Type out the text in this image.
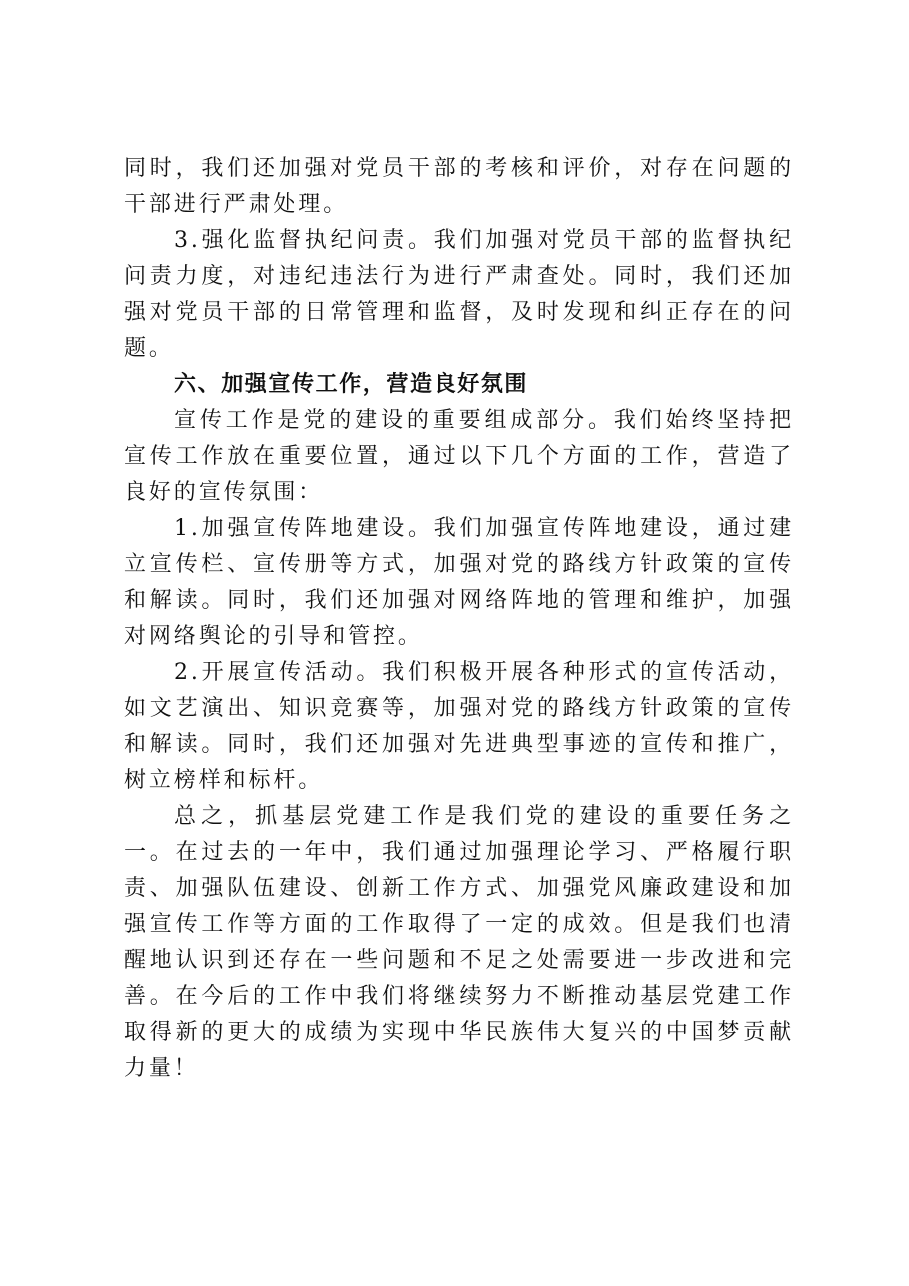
同时，我们还加强对党员干部的考核和评价，对存在问题的干部进行严肃处理。

3.强化监督执纪问责。我们加强对党员干部的监督执纪问责力度，对违纪违法行为进行严肃查处。同时，我们还加强对党员干部的日常管理和监督，及时发现和纠正存在的问题。

六、加强宣传工作，营造良好氛围

宣传工作是党的建设的重要组成部分。我们始终坚持把宣传工作放在重要位置，通过以下几个方面的工作，营造了良好的宣传氛围：

1.加强宣传阵地建设。我们加强宣传阵地建设，通过建立宣传栏、宣传册等方式，加强对党的路线方针政策的宣传和解读。同时，我们还加强对网络阵地的管理和维护，加强对网络舆论的引导和管控。

2.开展宣传活动。我们积极开展各种形式的宣传活动，如文艺演出、知识竞赛等，加强对党的路线方针政策的宣传和解读。同时，我们还加强对先进典型事迹的宣传和推广，树立榜样和标杆。

总之，抓基层党建工作是我们党的建设的重要任务之一。在过去的一年中，我们通过加强理论学习、严格履行职责、加强队伍建设、创新工作方式、加强党风廉政建设和加强宣传工作等方面的工作取得了一定的成效。但是我们也清醒地认识到还存在一些问题和不足之处需要进一步改进和完善。在今后的工作中我们将继续努力不断推动基层党建工作取得新的更大的成绩为实现中华民族伟大复兴的中国梦贡献力量！
